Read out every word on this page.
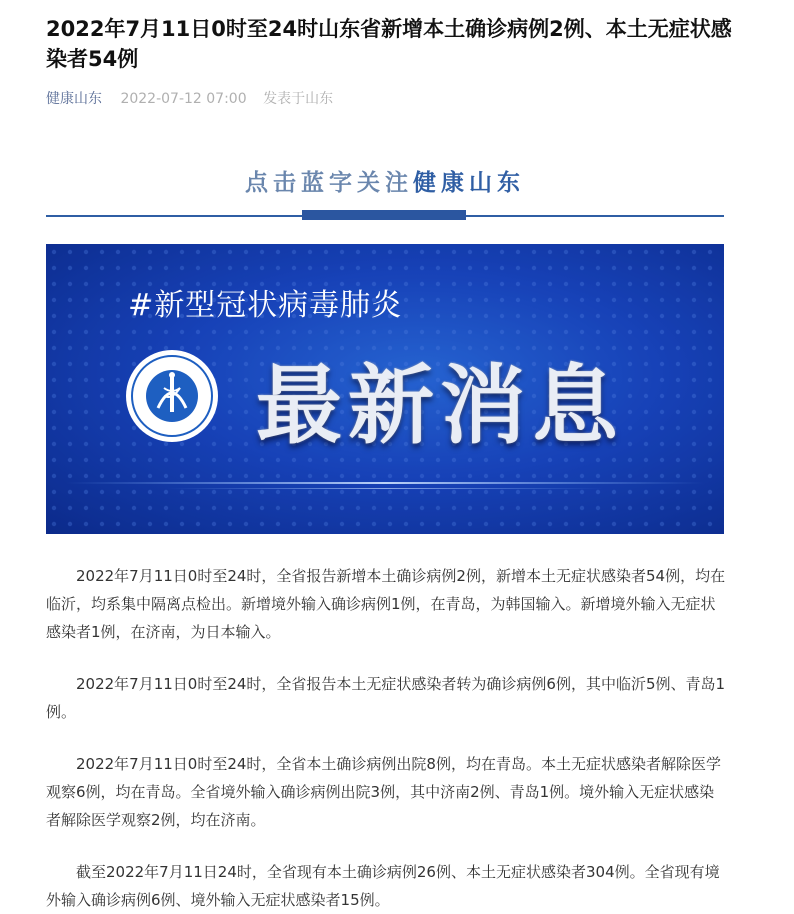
2022年7月11日0时至24时山东省新增本土确诊病例2例、本土无症状感染者54例
健康山东 2022-07-12 07:00 发表于山东
点击蓝字关注健康山东
#新型冠状病毒肺炎
最新消息

2022年7月11日0时至24时，全省报告新增本土确诊病例2例，新增本土无症状感染者54例，均在临沂，均系集中隔离点检出。新增境外输入确诊病例1例，在青岛，为韩国输入。新增境外输入无症状感染者1例，在济南，为日本输入。

2022年7月11日0时至24时，全省报告本土无症状感染者转为确诊病例6例，其中临沂5例、青岛1例。

2022年7月11日0时至24时，全省本土确诊病例出院8例，均在青岛。本土无症状感染者解除医学观察6例，均在青岛。全省境外输入确诊病例出院3例，其中济南2例、青岛1例。境外输入无症状感染者解除医学观察2例，均在济南。

截至2022年7月11日24时，全省现有本土确诊病例26例、本土无症状感染者304例。全省现有境外输入确诊病例6例、境外输入无症状感染者15例。
